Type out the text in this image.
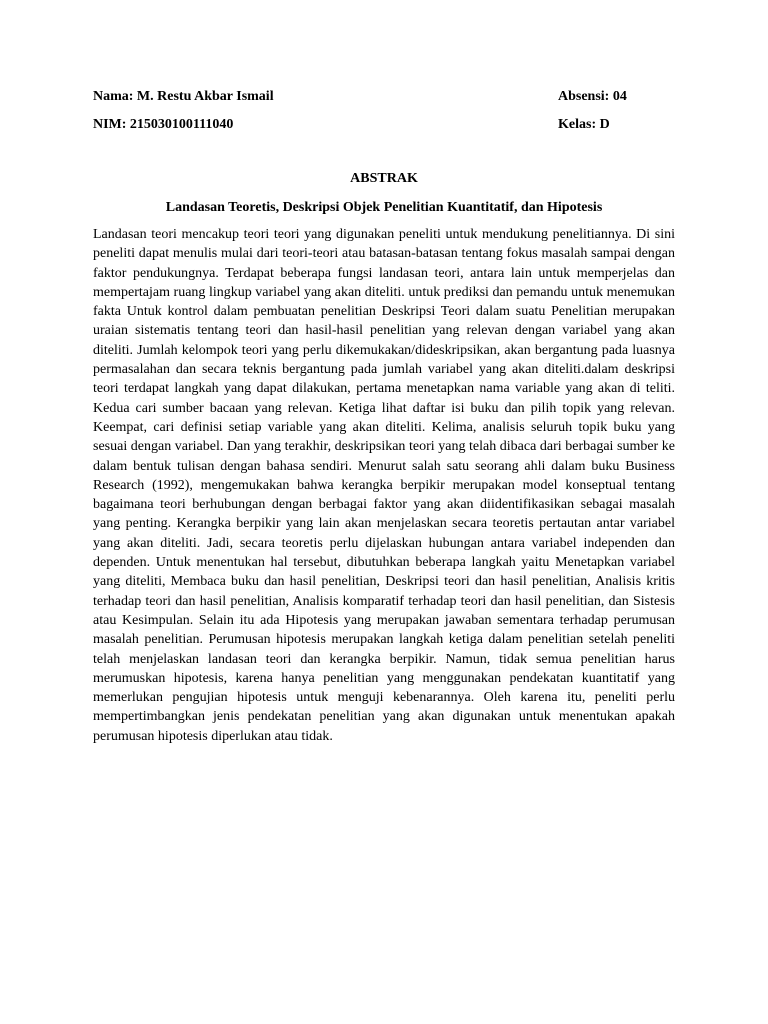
Nama: M. Restu Akbar Ismail	Absensi: 04
NIM: 215030100111040	Kelas: D
ABSTRAK
Landasan Teoretis, Deskripsi Objek Penelitian Kuantitatif, dan Hipotesis

Landasan teori mencakup teori teori yang digunakan peneliti untuk mendukung penelitiannya. Di sini peneliti dapat menulis mulai dari teori-teori atau batasan-batasan tentang fokus masalah sampai dengan faktor pendukungnya. Terdapat beberapa fungsi landasan teori, antara lain untuk memperjelas dan mempertajam ruang lingkup variabel yang akan diteliti. untuk prediksi dan pemandu untuk menemukan fakta Untuk kontrol dalam pembuatan penelitian Deskripsi Teori dalam suatu Penelitian merupakan uraian sistematis tentang teori dan hasil-hasil penelitian yang relevan dengan variabel yang akan diteliti. Jumlah kelompok teori yang perlu dikemukakan/dideskripsikan, akan bergantung pada luasnya permasalahan dan secara teknis bergantung pada jumlah variabel yang akan diteliti.dalam deskripsi teori terdapat langkah yang dapat dilakukan, pertama menetapkan nama variable yang akan di teliti. Kedua cari sumber bacaan yang relevan. Ketiga lihat daftar isi buku dan pilih topik yang relevan. Keempat, cari definisi setiap variable yang akan diteliti. Kelima, analisis seluruh topik buku yang sesuai dengan variabel. Dan yang terakhir, deskripsikan teori yang telah dibaca dari berbagai sumber ke dalam bentuk tulisan dengan bahasa sendiri. Menurut salah satu seorang ahli dalam buku Business Research (1992), mengemukakan bahwa kerangka berpikir merupakan model konseptual tentang bagaimana teori berhubungan dengan berbagai faktor yang akan diidentifikasikan sebagai masalah yang penting. Kerangka berpikir yang lain akan menjelaskan secara teoretis pertautan antar variabel yang akan diteliti. Jadi, secara teoretis perlu dijelaskan hubungan antara variabel independen dan dependen. Untuk menentukan hal tersebut, dibutuhkan beberapa langkah yaitu Menetapkan variabel yang diteliti, Membaca buku dan hasil penelitian, Deskripsi teori dan hasil penelitian, Analisis kritis terhadap teori dan hasil penelitian, Analisis komparatif terhadap teori dan hasil penelitian, dan Sistesis atau Kesimpulan. Selain itu ada Hipotesis yang merupakan jawaban sementara terhadap perumusan masalah penelitian. Perumusan hipotesis merupakan langkah ketiga dalam penelitian setelah peneliti telah menjelaskan landasan teori dan kerangka berpikir. Namun, tidak semua penelitian harus merumuskan hipotesis, karena hanya penelitian yang menggunakan pendekatan kuantitatif yang memerlukan pengujian hipotesis untuk menguji kebenarannya. Oleh karena itu, peneliti perlu mempertimbangkan jenis pendekatan penelitian yang akan digunakan untuk menentukan apakah perumusan hipotesis diperlukan atau tidak.
